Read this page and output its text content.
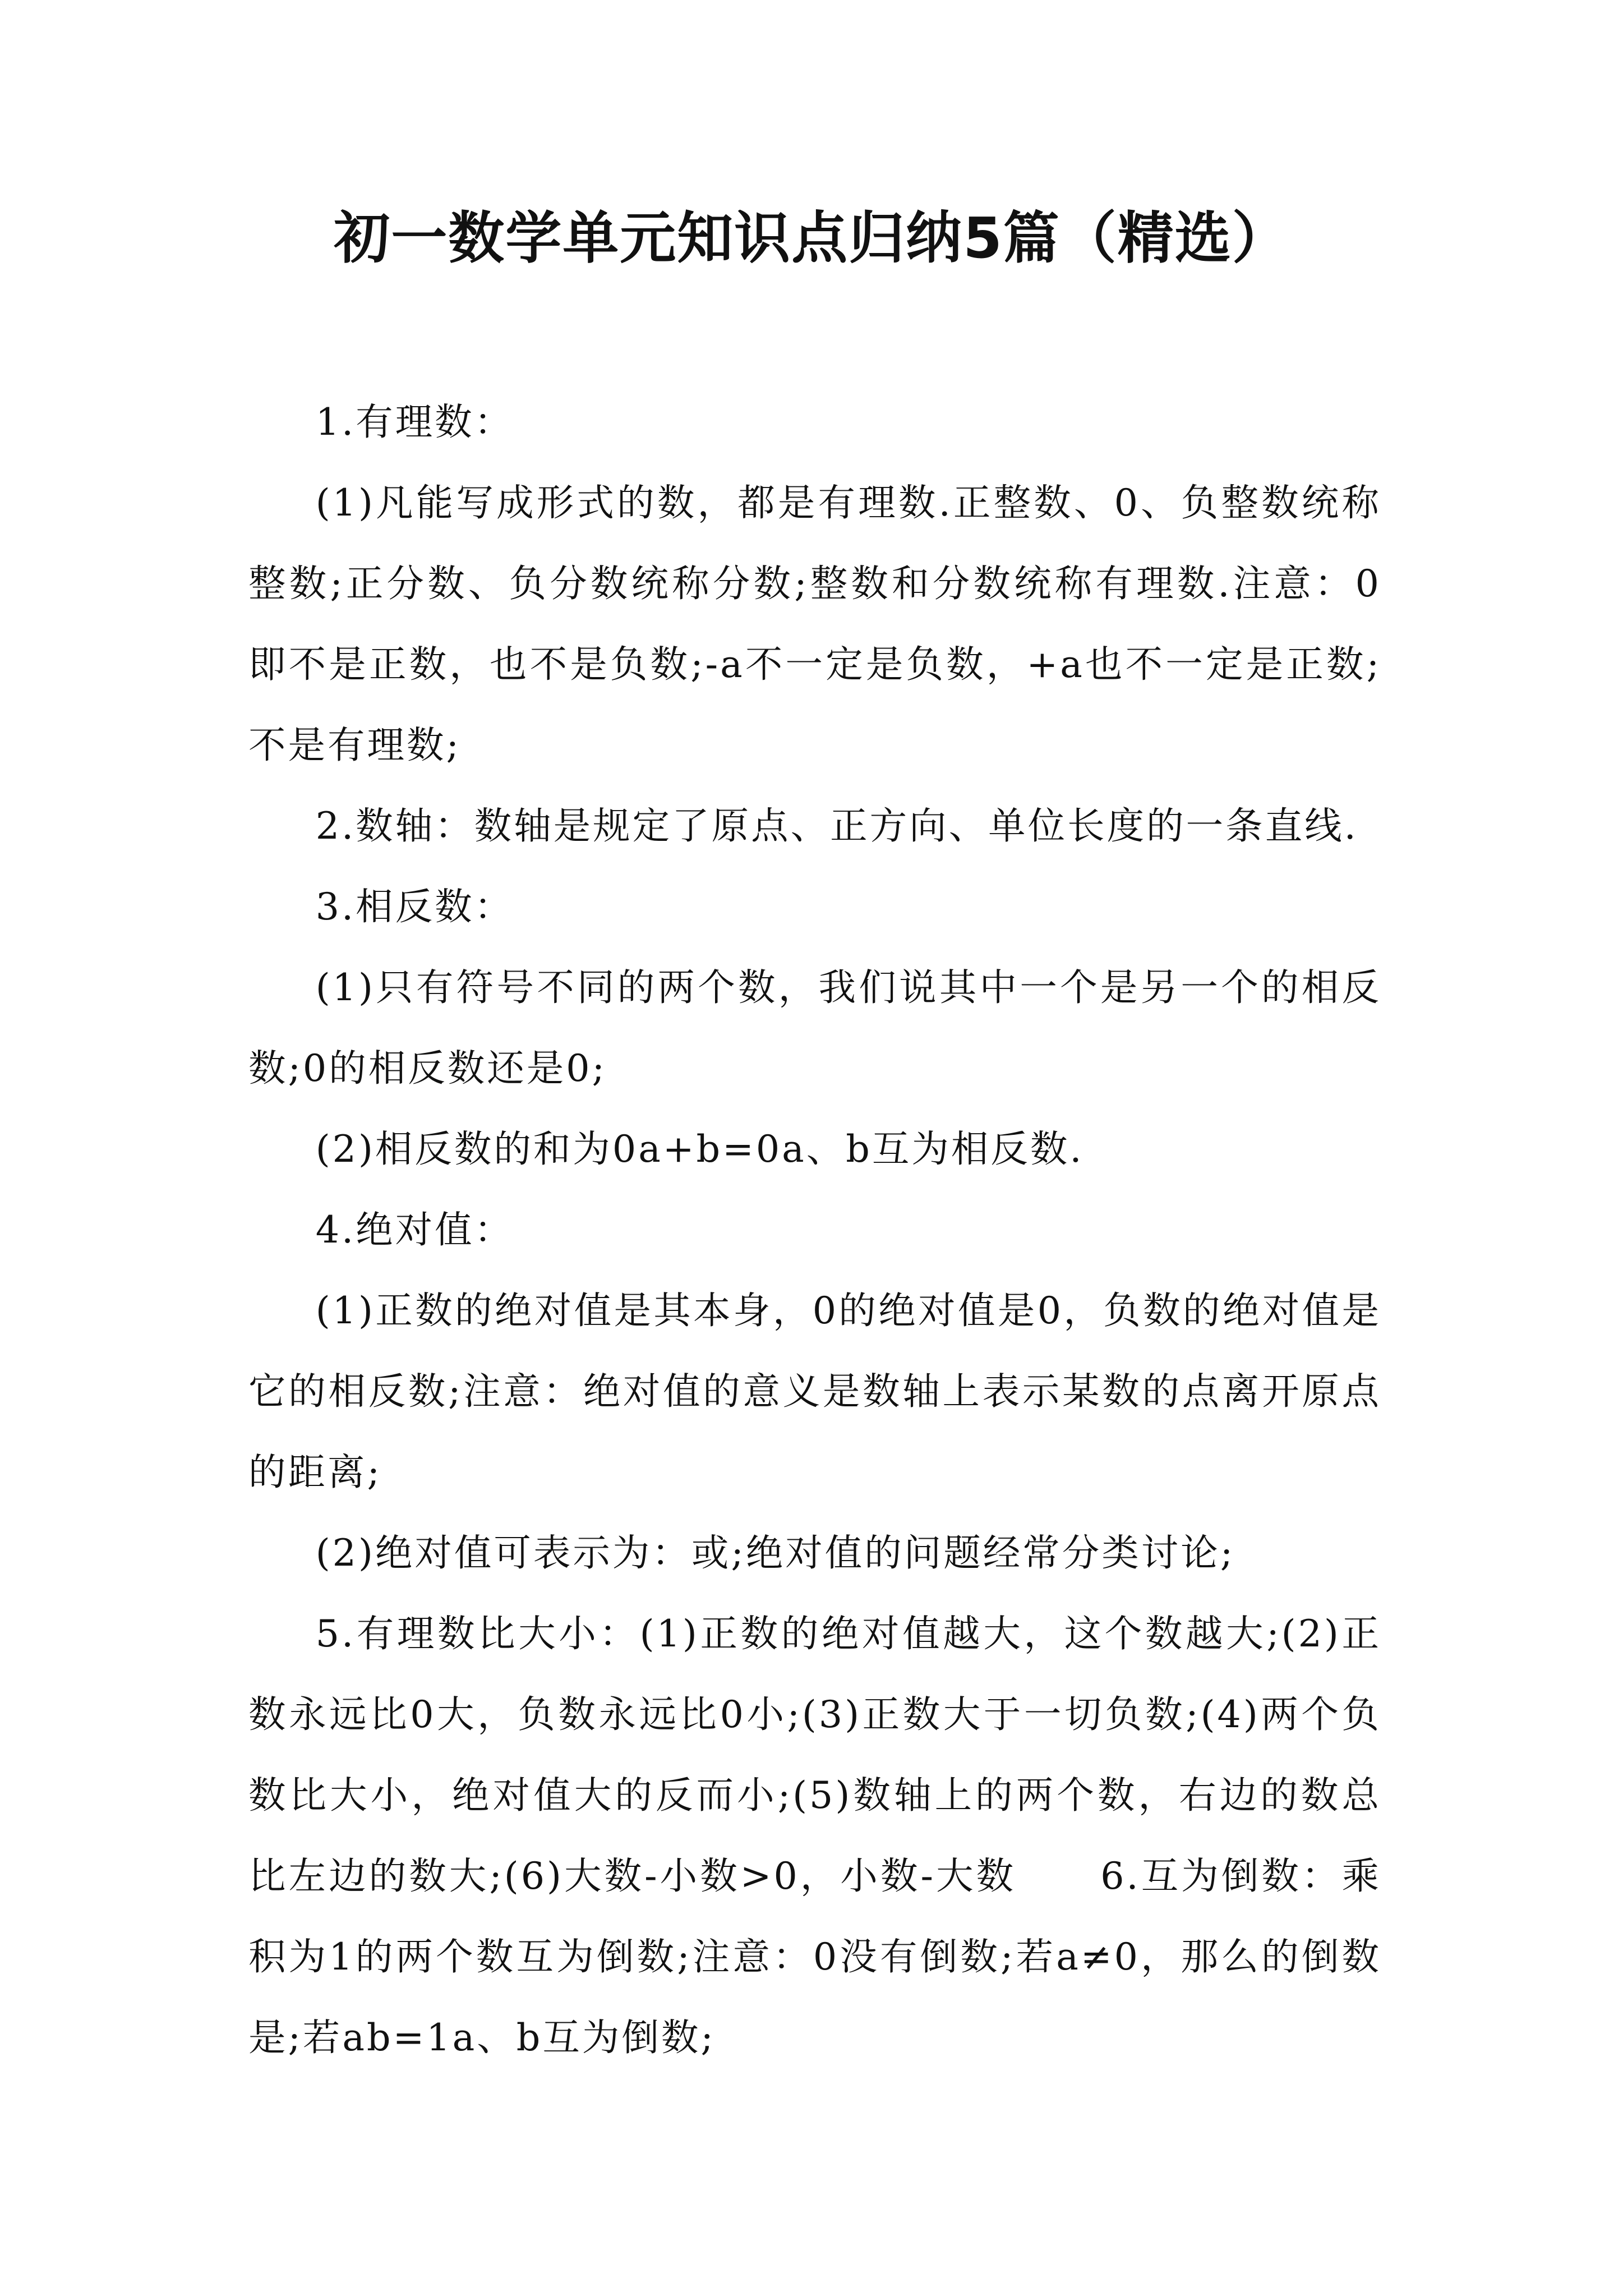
初一数学单元知识点归纳5篇（精选）

1.有理数：

(1)凡能写成形式的数，都是有理数.正整数、0、负整数统称整数;正分数、负分数统称分数;整数和分数统称有理数.注意：0即不是正数，也不是负数;-a不一定是负数，+a也不一定是正数;不是有理数;

2.数轴：数轴是规定了原点、正方向、单位长度的一条直线.

3.相反数：

(1)只有符号不同的两个数，我们说其中一个是另一个的相反数;0的相反数还是0;

(2)相反数的和为0a+b=0a、b互为相反数.

4.绝对值：

(1)正数的绝对值是其本身，0的绝对值是0，负数的绝对值是它的相反数;注意：绝对值的意义是数轴上表示某数的点离开原点的距离;

(2)绝对值可表示为：或;绝对值的问题经常分类讨论;

5.有理数比大小：(1)正数的绝对值越大，这个数越大;(2)正数永远比0大，负数永远比0小;(3)正数大于一切负数;(4)两个负数比大小，绝对值大的反而小;(5)数轴上的两个数，右边的数总比左边的数大;(6)大数-小数>0，小数-大数 6.互为倒数：乘积为1的两个数互为倒数;注意：0没有倒数;若a≠0，那么的倒数是;若ab=1a、b互为倒数;
